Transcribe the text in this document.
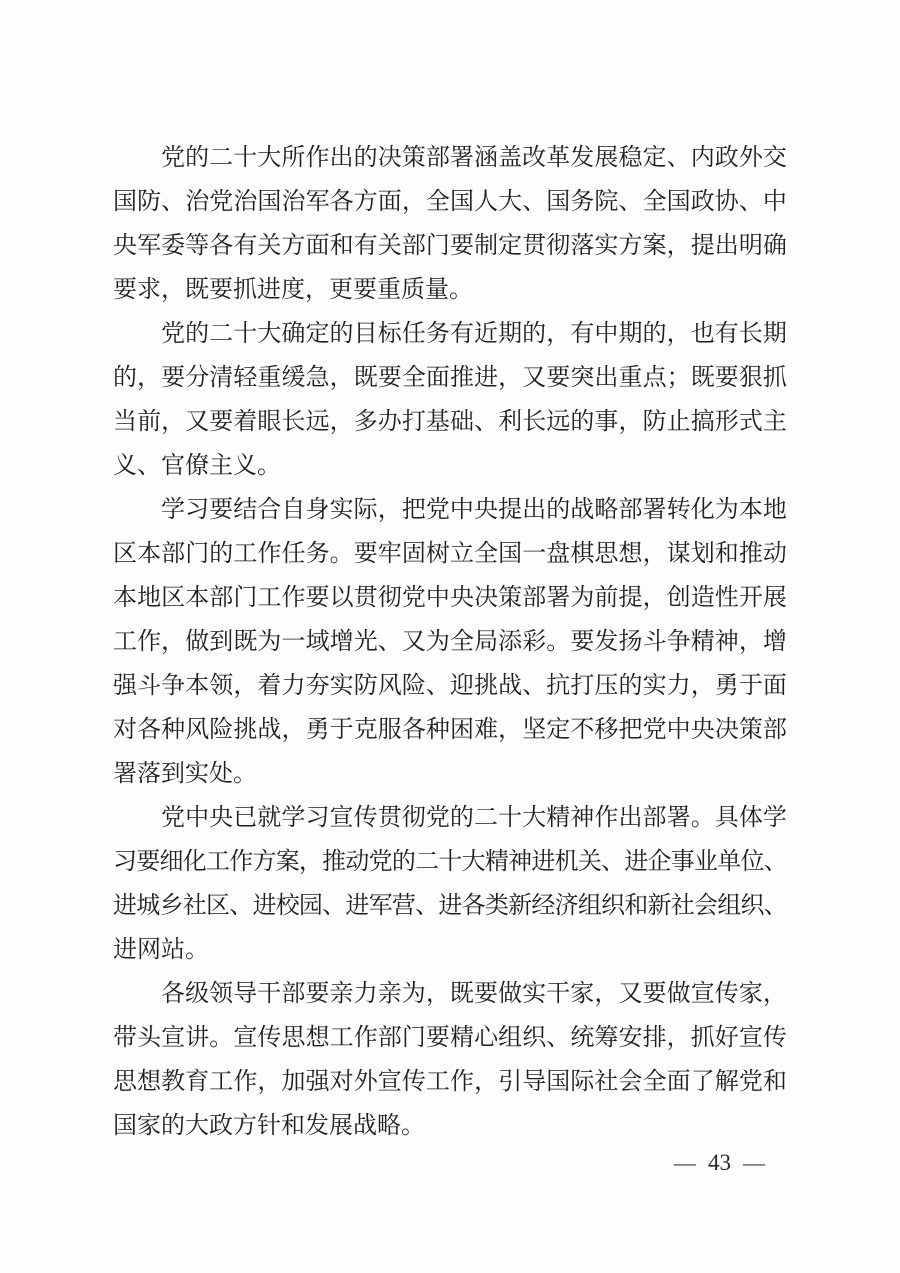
党的二十大所作出的决策部署涵盖改革发展稳定、内政外交
国防、治党治国治军各方面，全国人大、国务院、全国政协、中
央军委等各有关方面和有关部门要制定贯彻落实方案，提出明确
要求，既要抓进度，更要重质量。
党的二十大确定的目标任务有近期的，有中期的，也有长期
的，要分清轻重缓急，既要全面推进，又要突出重点；既要狠抓
当前，又要着眼长远，多办打基础、利长远的事，防止搞形式主
义、官僚主义。
学习要结合自身实际，把党中央提出的战略部署转化为本地
区本部门的工作任务。要牢固树立全国一盘棋思想，谋划和推动
本地区本部门工作要以贯彻党中央决策部署为前提，创造性开展
工作，做到既为一域增光、又为全局添彩。要发扬斗争精神，增
强斗争本领，着力夯实防风险、迎挑战、抗打压的实力，勇于面
对各种风险挑战，勇于克服各种困难，坚定不移把党中央决策部
署落到实处。
党中央已就学习宣传贯彻党的二十大精神作出部署。具体学
习要细化工作方案，推动党的二十大精神进机关、进企事业单位、
进城乡社区、进校园、进军营、进各类新经济组织和新社会组织、
进网站。
各级领导干部要亲力亲为，既要做实干家，又要做宣传家，
带头宣讲。宣传思想工作部门要精心组织、统筹安排，抓好宣传
思想教育工作，加强对外宣传工作，引导国际社会全面了解党和
国家的大政方针和发展战略。
— 43 —
